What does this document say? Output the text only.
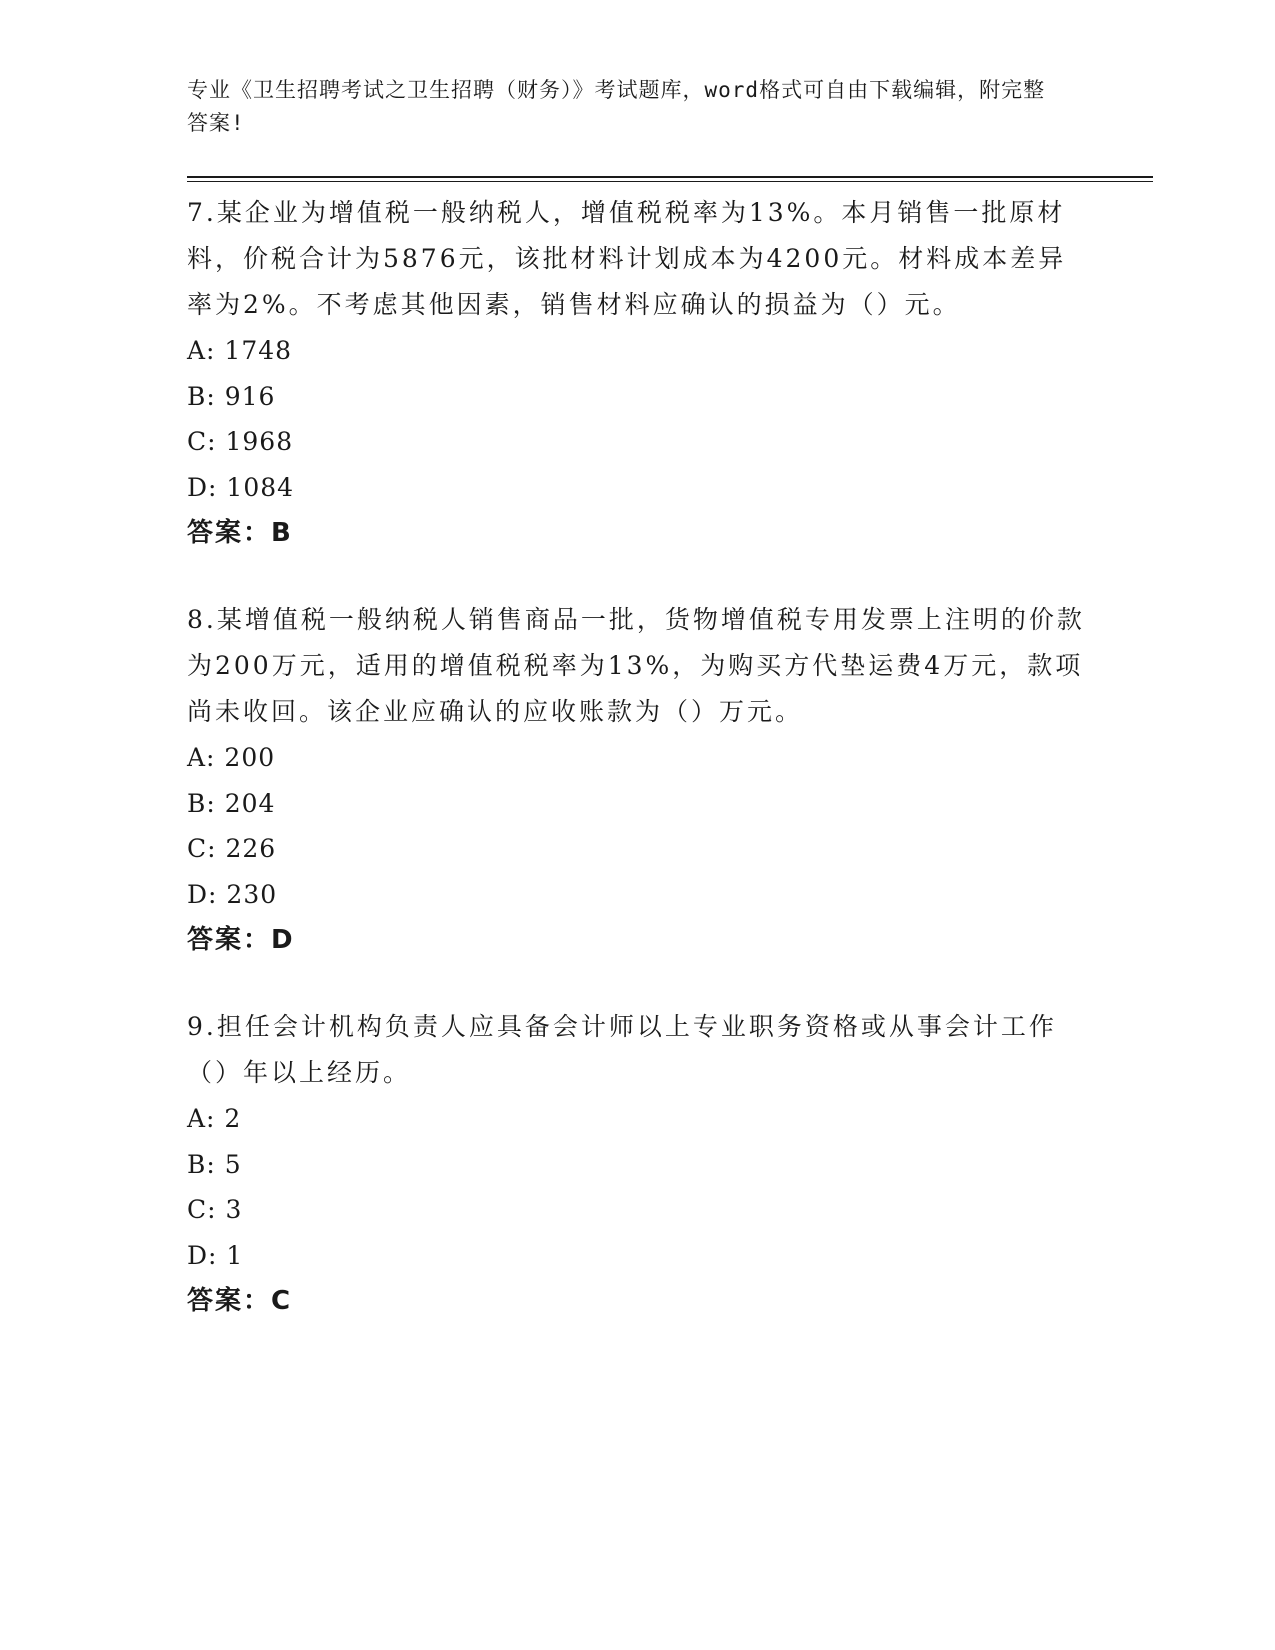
专业《卫生招聘考试之卫生招聘（财务）》考试题库，word格式可自由下载编辑，附完整答案!
7.某企业为增值税一般纳税人，增值税税率为13%。本月销售一批原材料，价税合计为5876元，该批材料计划成本为4200元。材料成本差异率为2%。不考虑其他因素，销售材料应确认的损益为（）元。
A: 1748
B: 916
C: 1968
D: 1084
答案：B
8.某增值税一般纳税人销售商品一批，货物增值税专用发票上注明的价款为200万元，适用的增值税税率为13%，为购买方代垫运费4万元，款项尚未收回。该企业应确认的应收账款为（）万元。
A: 200
B: 204
C: 226
D: 230
答案：D
9.担任会计机构负责人应具备会计师以上专业职务资格或从事会计工作（）年以上经历。
A: 2
B: 5
C: 3
D: 1
答案：C
